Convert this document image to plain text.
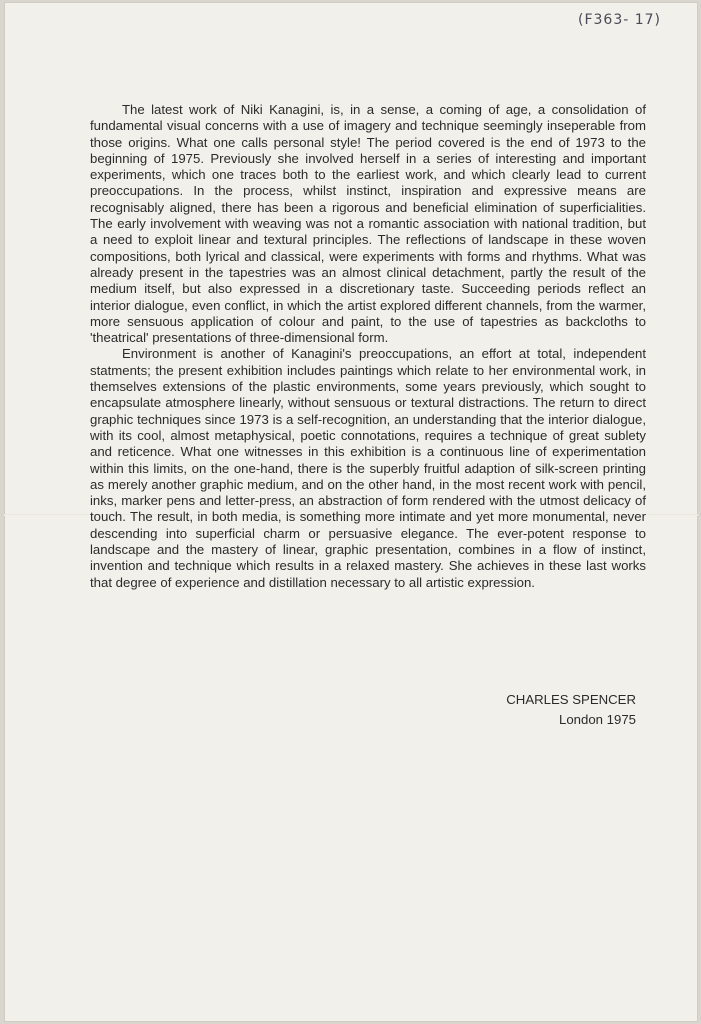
(F363- 17)

The latest work of Niki Kanagini, is, in a sense, a coming of age, a consolidation of fundamental visual concerns with a use of imagery and technique seemingly inseperable from those origins. What one calls personal style! The period covered is the end of 1973 to the beginning of 1975. Previously she involved herself in a series of interesting and important experiments, which one traces both to the earliest work, and which clearly lead to current preoccupations. In the process, whilst instinct, inspiration and expressive means are recognisably aligned, there has been a rigorous and beneficial elimination of superficialities. The early involvement with weaving was not a romantic association with national tradition, but a need to exploit linear and textural principles. The reflections of landscape in these woven compositions, both lyrical and classical, were experiments with forms and rhythms. What was already present in the tapestries was an almost clinical detachment, partly the result of the medium itself, but also expressed in a discretionary taste. Succeeding periods reflect an interior dialogue, even conflict, in which the artist explored different channels, from the warmer, more sensuous application of colour and paint, to the use of tapestries as backcloths to 'theatrical' presentations of three-dimensional form.

Environment is another of Kanagini's preoccupations, an effort at total, independent statments; the present exhibition includes paintings which relate to her environmental work, in themselves extensions of the plastic environments, some years previously, which sought to encapsulate atmosphere linearly, without sensuous or textural distractions. The return to direct graphic techniques since 1973 is a self-recognition, an understanding that the interior dialogue, with its cool, almost metaphysical, poetic connotations, requires a technique of great sublety and reticence. What one witnesses in this exhibition is a continuous line of experimentation within this limits, on the one-hand, there is the superbly fruitful adaption of silk-screen printing as merely another graphic medium, and on the other hand, in the most recent work with pencil, inks, marker pens and letter-press, an abstraction of form rendered with the utmost delicacy of touch. The result, in both media, is something more intimate and yet more monumental, never descending into superficial charm or persuasive elegance. The ever-potent response to landscape and the mastery of linear, graphic presentation, combines in a flow of instinct, invention and technique which results in a relaxed mastery. She achieves in these last works that degree of experience and distillation necessary to all artistic expression.

CHARLES SPENCER
London 1975
